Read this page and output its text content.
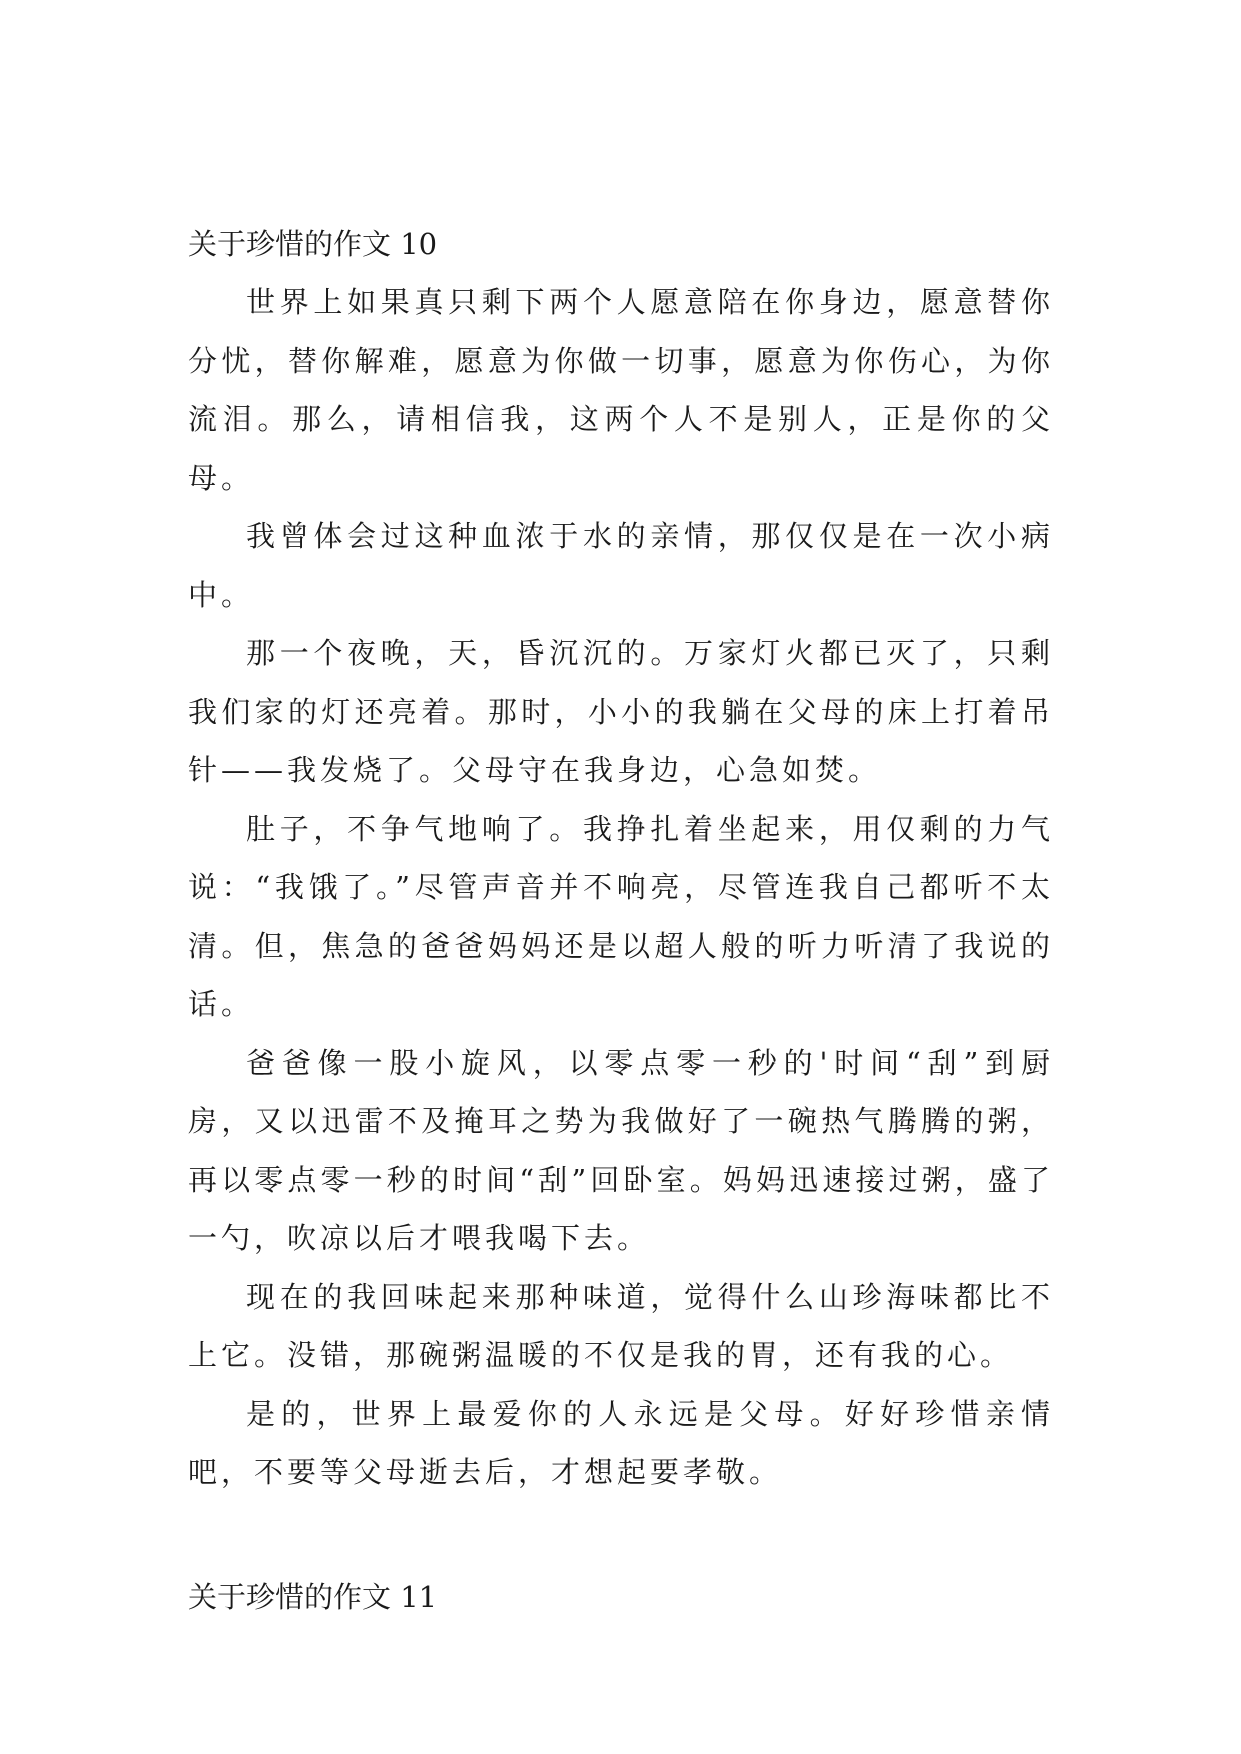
关于珍惜的作文 10

世界上如果真只剩下两个人愿意陪在你身边，愿意替你分忧，替你解难，愿意为你做一切事，愿意为你伤心，为你流泪。那么，请相信我，这两个人不是别人，正是你的父母。

我曾体会过这种血浓于水的亲情，那仅仅是在一次小病中。

那一个夜晚，天，昏沉沉的。万家灯火都已灭了，只剩我们家的灯还亮着。那时，小小的我躺在父母的床上打着吊针——我发烧了。父母守在我身边，心急如焚。

肚子，不争气地响了。我挣扎着坐起来，用仅剩的力气说：“我饿了。”尽管声音并不响亮，尽管连我自己都听不太清。但，焦急的爸爸妈妈还是以超人般的听力听清了我说的话。

爸爸像一股小旋风，以零点零一秒的'时间“刮”到厨房，又以迅雷不及掩耳之势为我做好了一碗热气腾腾的粥，再以零点零一秒的时间“刮”回卧室。妈妈迅速接过粥，盛了一勺，吹凉以后才喂我喝下去。

现在的我回味起来那种味道，觉得什么山珍海味都比不上它。没错，那碗粥温暖的不仅是我的胃，还有我的心。

是的，世界上最爱你的人永远是父母。好好珍惜亲情吧，不要等父母逝去后，才想起要孝敬。

关于珍惜的作文 11
